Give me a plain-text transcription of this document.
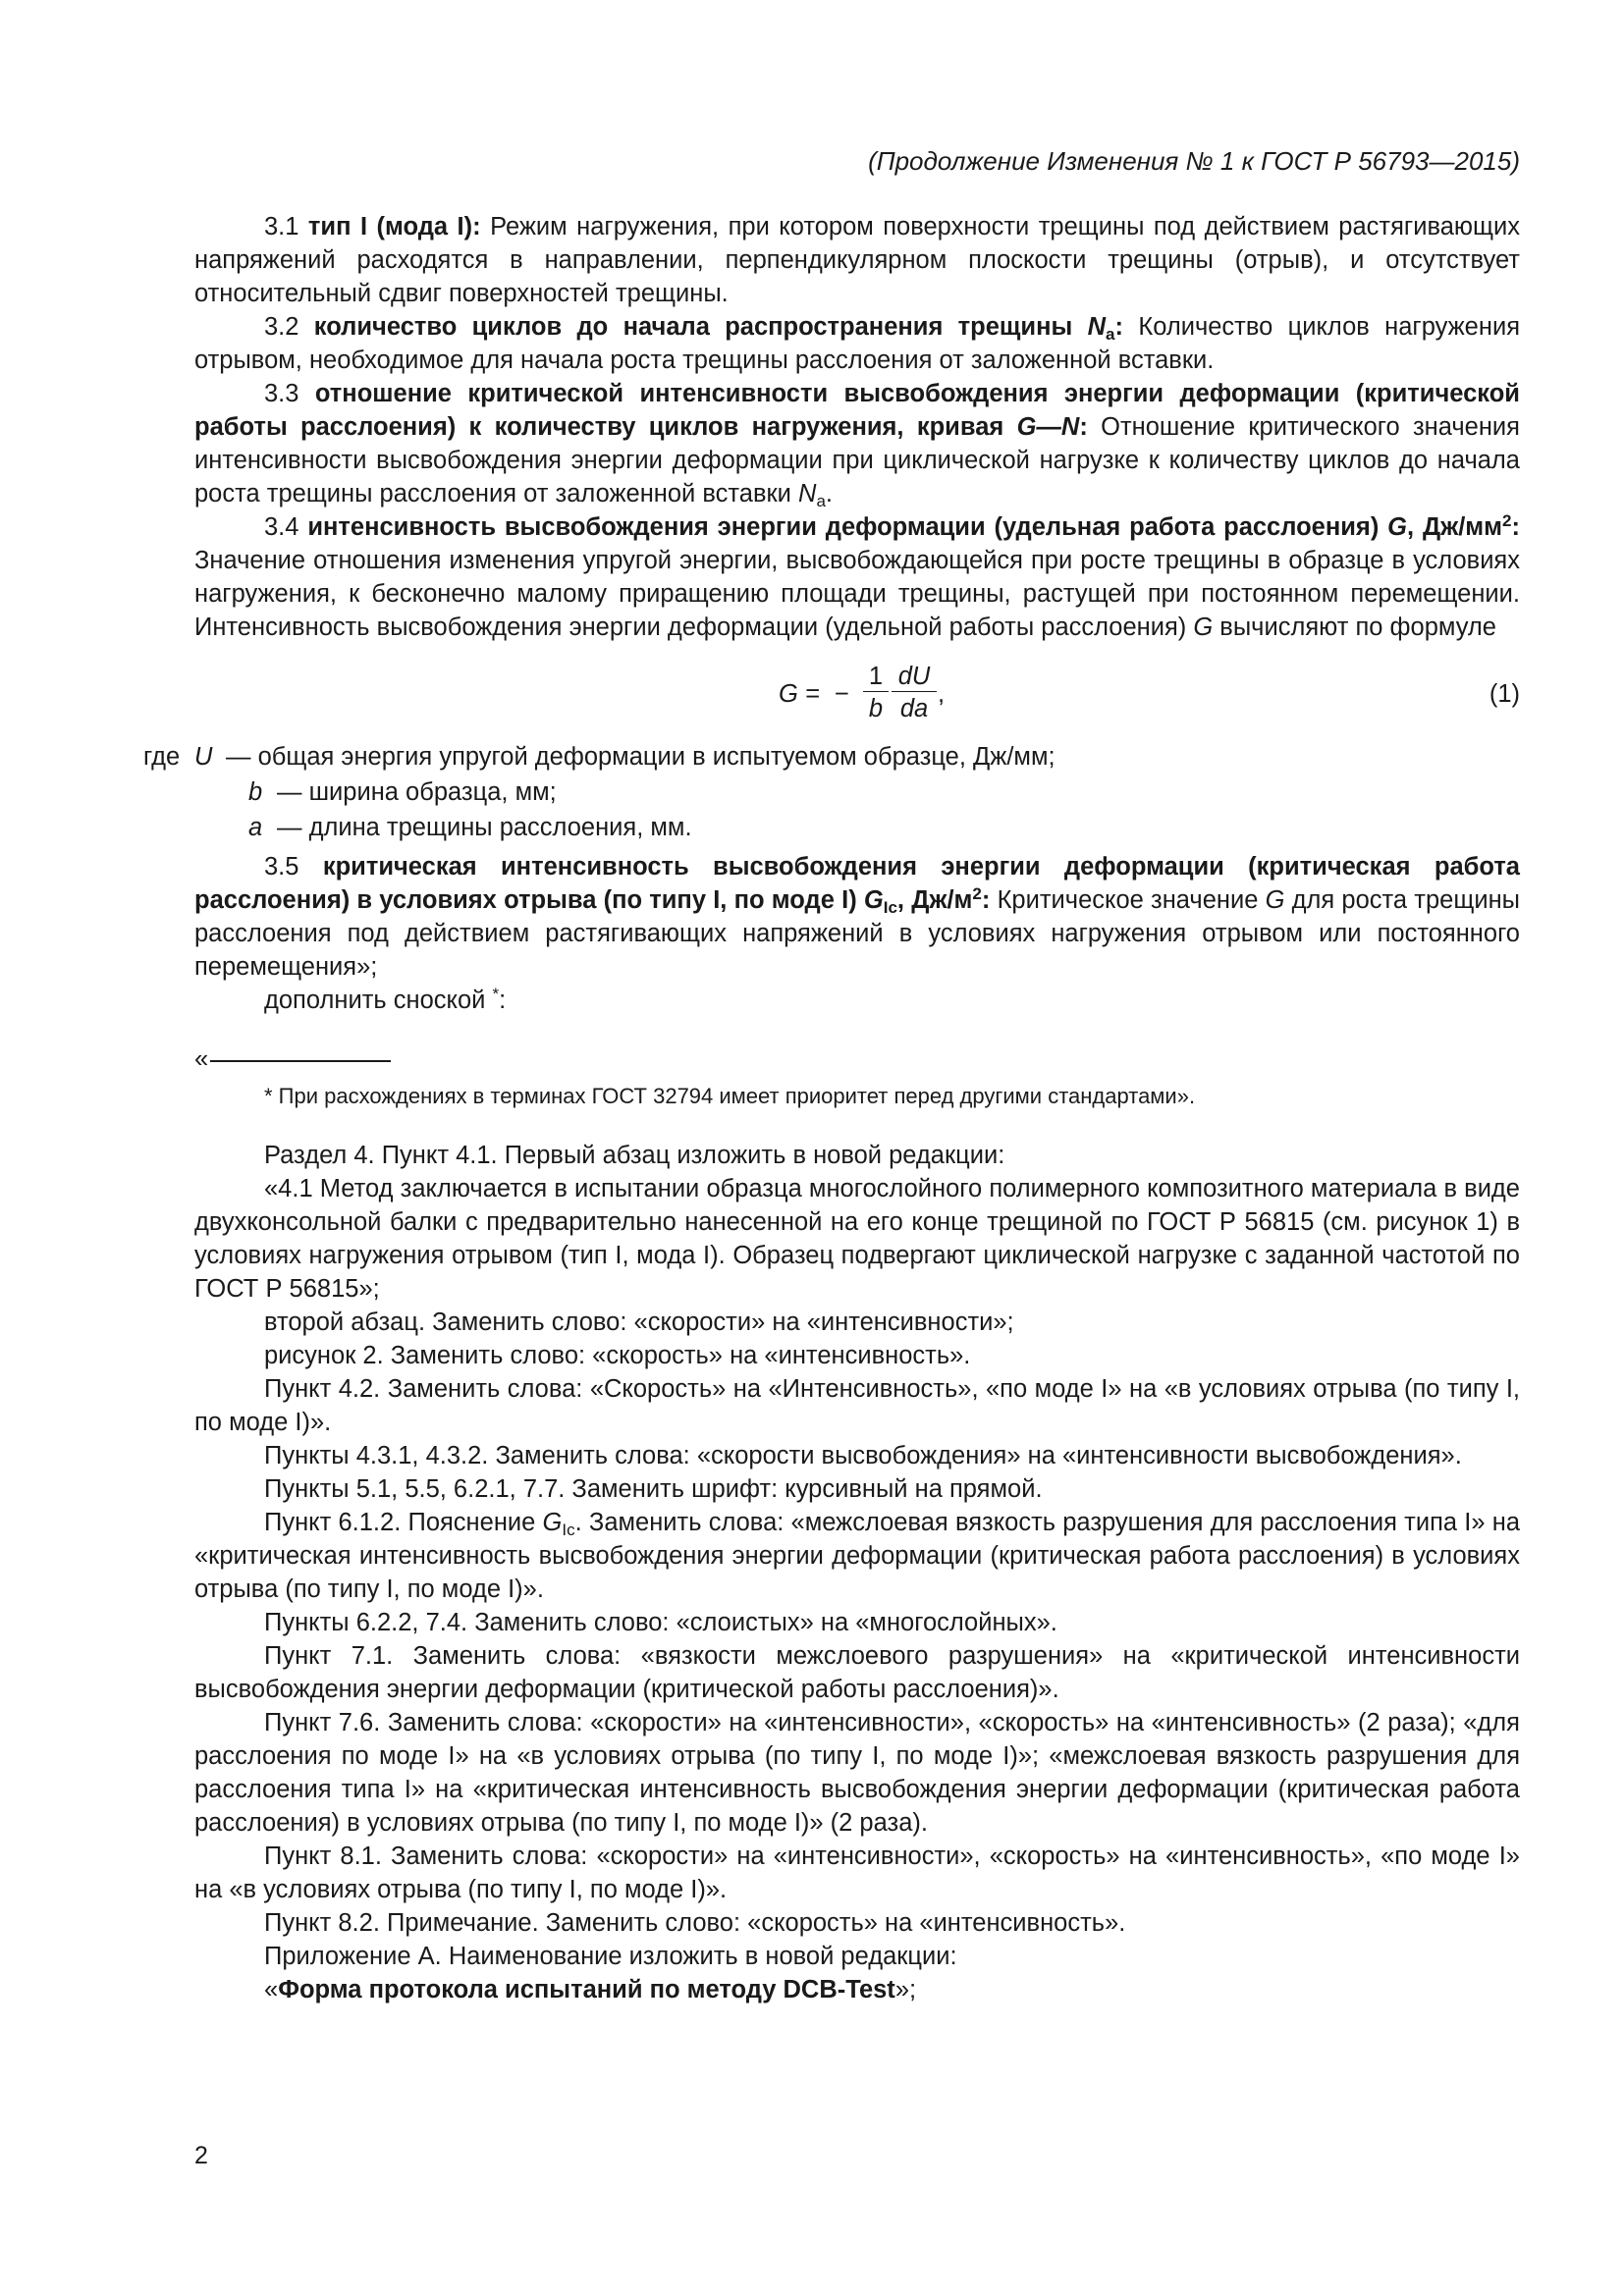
(Продолжение Изменения № 1 к ГОСТ Р 56793—2015)

3.1 тип I (мода I): Режим нагружения, при котором поверхности трещины под действием растягивающих напряжений расходятся в направлении, перпендикулярном плоскости трещины (отрыв), и отсутствует относительный сдвиг поверхностей трещины.

3.2 количество циклов до начала распространения трещины $N_a$: Количество циклов нагружения отрывом, необходимое для начала роста трещины расслоения от заложенной вставки.

3.3 отношение критической интенсивности высвобождения энергии деформации (критической работы расслоения) к количеству циклов нагружения, кривая G—N: Отношение критического значения интенсивности высвобождения энергии деформации при циклической нагрузке к количеству циклов до начала роста трещины расслоения от заложенной вставки $N_a$.

3.4 интенсивность высвобождения энергии деформации (удельная работа расслоения) G, $Дж/мм^2$: Значение отношения изменения упругой энергии, высвобождающейся при росте трещины в образце в условиях нагружения, к бесконечно малому приращению площади трещины, растущей при постоянном перемещении. Интенсивность высвобождения энергии деформации (удельной работы расслоения) G вычисляют по формуле

G = − $\frac{1}{b} \frac{dU}{da}$ ,	(1)
где U — общая энергия упругой деформации в испытуемом образце, Дж/мм;
b — ширина образца, мм;
a — длина трещины расслоения, мм.

3.5 критическая интенсивность высвобождения энергии деформации (критическая работа расслоения) в условиях отрыва (по типу I, по моде I) $G_{Ic}$, $Дж/м^2$: Критическое значение G для роста трещины расслоения под действием растягивающих напряжений в условиях нагружения отрывом или постоянного перемещения»;

дополнить сноской *:

«

* При расхождениях в терминах ГОСТ 32794 имеет приоритет перед другими стандартами».

Раздел 4. Пункт 4.1. Первый абзац изложить в новой редакции:

«4.1 Метод заключается в испытании образца многослойного полимерного композитного материала в виде двухконсольной балки с предварительно нанесенной на его конце трещиной по ГОСТ Р 56815 (см. рисунок 1) в условиях нагружения отрывом (тип I, мода I). Образец подвергают циклической нагрузке с заданной частотой по ГОСТ Р 56815»;

второй абзац. Заменить слово: «скорости» на «интенсивности»;

рисунок 2. Заменить слово: «скорость» на «интенсивность».

Пункт 4.2. Заменить слова: «Скорость» на «Интенсивность», «по моде I» на «в условиях отрыва (по типу I, по моде I)».

Пункты 4.3.1, 4.3.2. Заменить слова: «скорости высвобождения» на «интенсивности высвобождения».

Пункты 5.1, 5.5, 6.2.1, 7.7. Заменить шрифт: курсивный на прямой.

Пункт 6.1.2. Пояснение $G_{Ic}$. Заменить слова: «межслоевая вязкость разрушения для расслоения типа I» на «критическая интенсивность высвобождения энергии деформации (критическая работа расслоения) в условиях отрыва (по типу I, по моде I)».

Пункты 6.2.2, 7.4. Заменить слово: «слоистых» на «многослойных».

Пункт 7.1. Заменить слова: «вязкости межслоевого разрушения» на «критической интенсивности высвобождения энергии деформации (критической работы расслоения)».

Пункт 7.6. Заменить слова: «скорости» на «интенсивности», «скорость» на «интенсивность» (2 раза); «для расслоения по моде I» на «в условиях отрыва (по типу I, по моде I)»; «межслоевая вязкость разрушения для расслоения типа I» на «критическая интенсивность высвобождения энергии деформации (критическая работа расслоения) в условиях отрыва (по типу I, по моде I)» (2 раза).

Пункт 8.1. Заменить слова: «скорости» на «интенсивности», «скорость» на «интенсивность», «по моде I» на «в условиях отрыва (по типу I, по моде I)».

Пункт 8.2. Примечание. Заменить слово: «скорость» на «интенсивность».

Приложение А. Наименование изложить в новой редакции:

«Форма протокола испытаний по методу DCB-Test»;

2
